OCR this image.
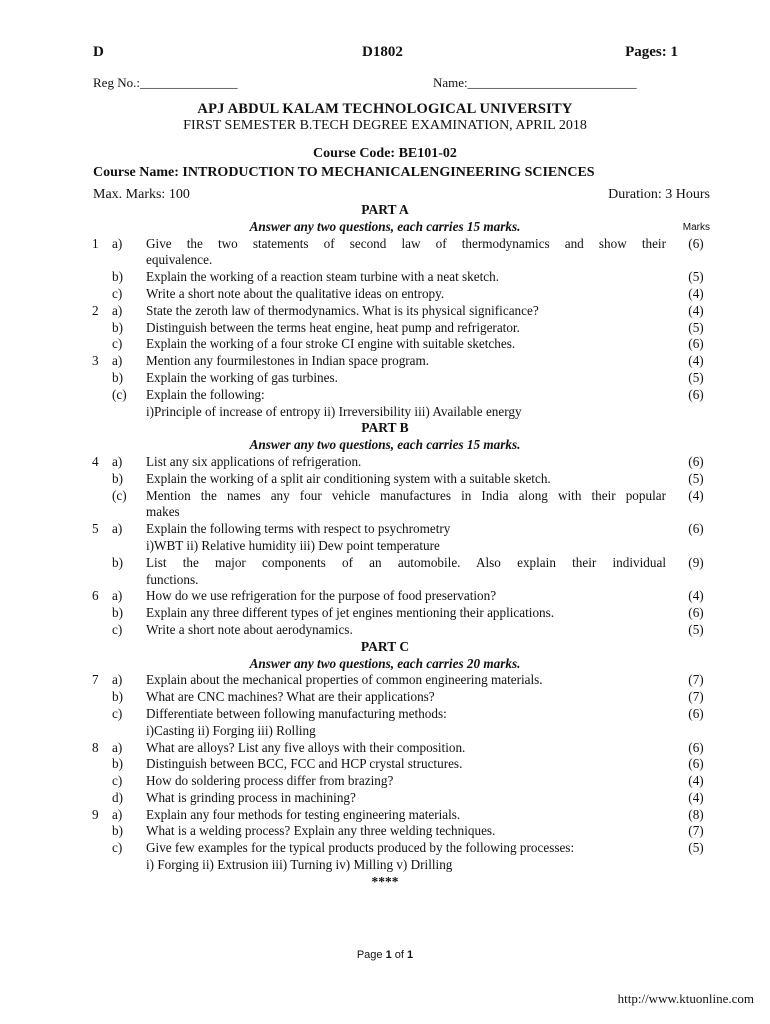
D	D1802	Pages: 1
Reg No.:_______________	Name:__________________________
APJ ABDUL KALAM TECHNOLOGICAL UNIVERSITY
FIRST SEMESTER B.TECH DEGREE EXAMINATION, APRIL 2018
Course Code: BE101-02
Course Name: INTRODUCTION TO MECHANICALENGINEERING SCIENCES
Max. Marks: 100	Duration: 3 Hours
PART A
Answer any two questions, each carries 15 marks.	Marks
1	a)	Give the two statements of second law of thermodynamics and show their	(6)
equivalence.
b)	Explain the working of a reaction steam turbine with a neat sketch.	(5)
c)	Write a short note about the qualitative ideas on entropy.	(4)
2	a)	State the zeroth law of thermodynamics. What is its physical significance?	(4)
b)	Distinguish between the terms heat engine, heat pump and refrigerator.	(5)
c)	Explain the working of a four stroke CI engine with suitable sketches.	(6)
3	a)	Mention any fourmilestones in Indian space program.	(4)
b)	Explain the working of gas turbines.	(5)
(c)	Explain the following:	(6)
i)Principle of increase of entropy ii) Irreversibility iii) Available energy
PART B
Answer any two questions, each carries 15 marks.
4	a)	List any six applications of refrigeration.	(6)
b)	Explain the working of a split air conditioning system with a suitable sketch.	(5)
(c)	Mention the names any four vehicle manufactures in India along with their popular	(4)
makes
5	a)	Explain the following terms with respect to psychrometry	(6)
i)WBT ii) Relative humidity iii) Dew point temperature
b)	List the major components of an automobile. Also explain their individual	(9)
functions.
6	a)	How do we use refrigeration for the purpose of food preservation?	(4)
b)	Explain any three different types of jet engines mentioning their applications.	(6)
c)	Write a short note about aerodynamics.	(5)
PART C
Answer any two questions, each carries 20 marks.
7	a)	Explain about the mechanical properties of common engineering materials.	(7)
b)	What are CNC machines? What are their applications?	(7)
c)	Differentiate between following manufacturing methods:	(6)
i)Casting ii) Forging iii) Rolling
8	a)	What are alloys? List any five alloys with their composition.	(6)
b)	Distinguish between BCC, FCC and HCP crystal structures.	(6)
c)	How do soldering process differ from brazing?	(4)
d)	What is grinding process in machining?	(4)
9	a)	Explain any four methods for testing engineering materials.	(8)
b)	What is a welding process? Explain any three welding techniques.	(7)
c)	Give few examples for the typical products produced by the following processes:	(5)
i) Forging ii) Extrusion iii) Turning iv) Milling v) Drilling
****
Page 1 of 1
http://www.ktuonline.com
